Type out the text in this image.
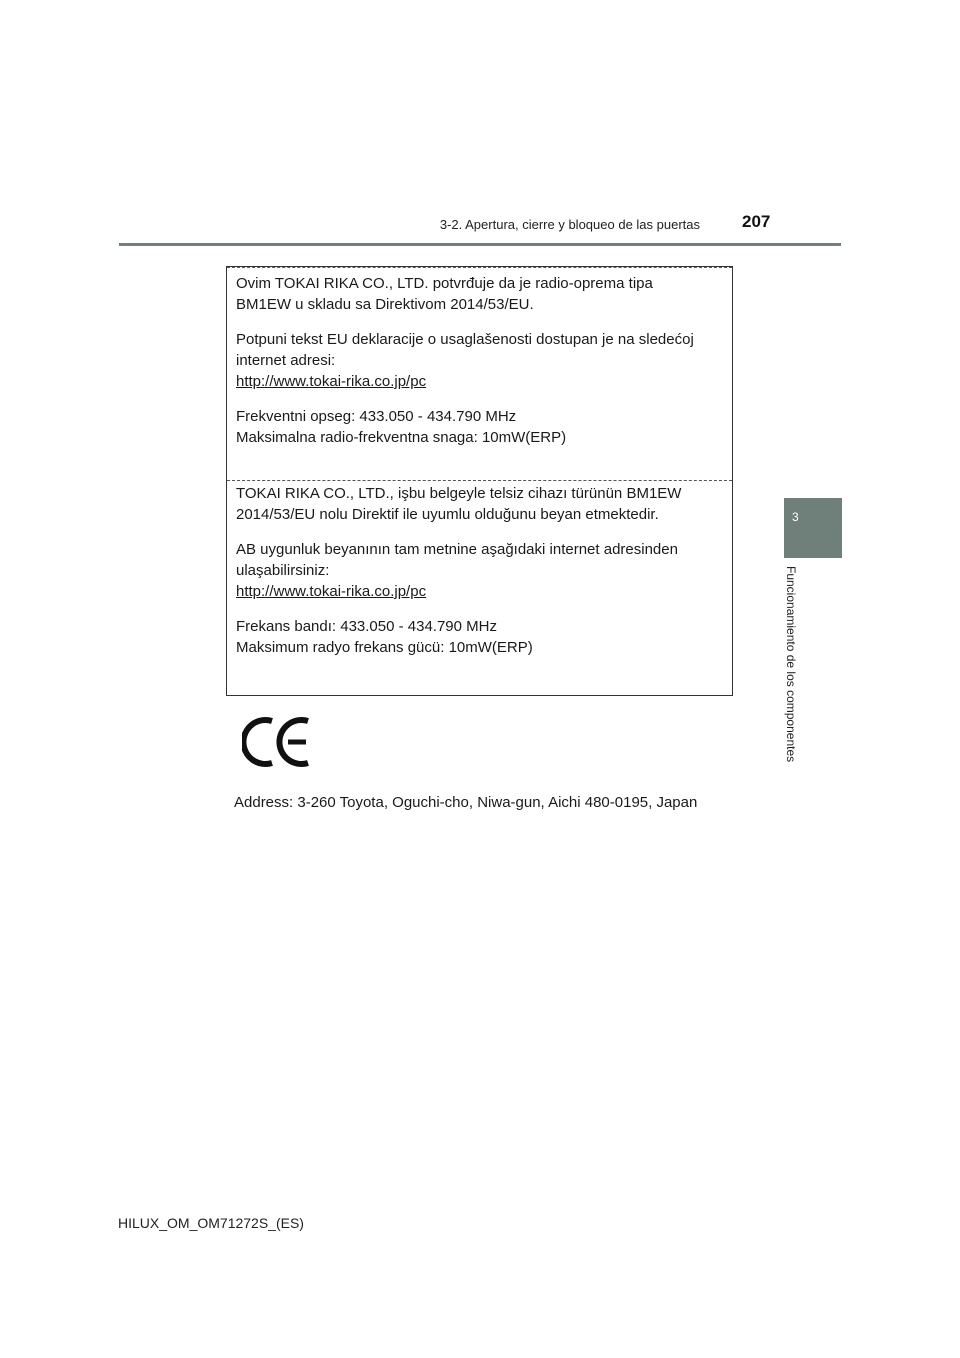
3-2. Apertura, cierre y bloqueo de las puertas 207
3
Funcionamiento de los componentes

Ovim TOKAI RIKA CO., LTD. potvrđuje da je radio-oprema tipa

BM1EW u skladu sa Direktivom 2014/53/EU.

Potpuni tekst EU deklaracije o usaglašenosti dostupan je na sledećoj

internet adresi:

http://www.tokai-rika.co.jp/pc

Frekventni opseg: 433.050 - 434.790 MHz

Maksimalna radio-frekventna snaga: 10mW(ERP)

TOKAI RIKA CO., LTD., işbu belgeyle telsiz cihazı türünün BM1EW

2014/53/EU nolu Direktif ile uyumlu olduğunu beyan etmektedir.

AB uygunluk beyanının tam metnine aşağıdaki internet adresinden

ulaşabilirsiniz:

http://www.tokai-rika.co.jp/pc

Frekans bandı: 433.050 - 434.790 MHz

Maksimum radyo frekans gücü: 10mW(ERP)

Address: 3-260 Toyota, Oguchi-cho, Niwa-gun, Aichi 480-0195, Japan
HILUX_OM_OM71272S_(ES)
